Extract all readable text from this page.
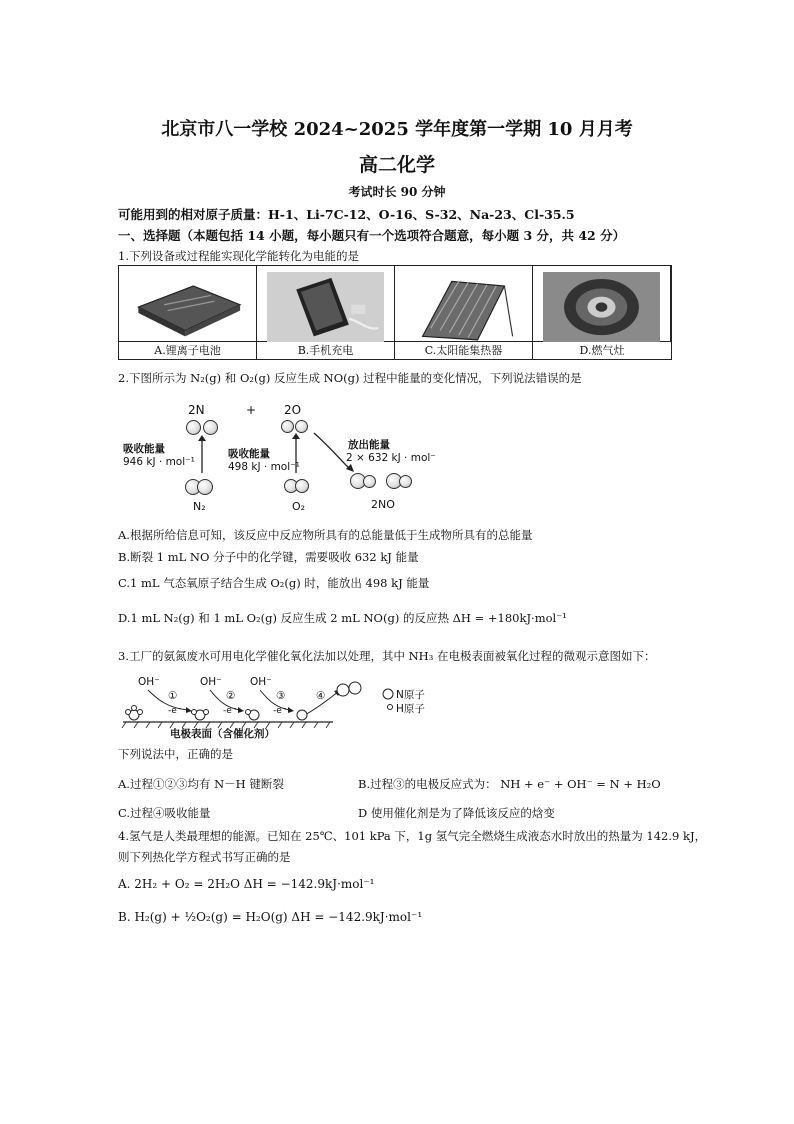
北京市八一学校 2024~2025 学年度第一学期 10 月月考
高二化学
考试时长 90 分钟
可能用到的相对原子质量：H-1、Li-7C-12、O-16、S-32、Na-23、Cl-35.5
一、选择题（本题包括 14 小题，每小题只有一个选项符合题意，每小题 3 分，共 42 分）
1.下列设备或过程能实现化学能转化为电能的是
A.锂离子电池	B.手机充电	C.太阳能集热器	D.燃气灶
2.下图所示为 N₂(g) 和 O₂(g) 反应生成 NO(g) 过程中能量的变化情况，下列说法错误的是
2N	+ 2O
吸收能量
946 kJ · mol⁻¹
吸收能量
498 kJ · mol⁻¹
放出能量
2 × 632 kJ · mol⁻
N₂	O₂	2NO
A.根据所给信息可知，该反应中反应物所具有的总能量低于生成物所具有的总能量
B.断裂 1 mL NO 分子中的化学键，需要吸收 632 kJ 能量
C.1 mL 气态氧原子结合生成 O₂(g) 时，能放出 498 kJ 能量
D.1 mL N₂(g) 和 1 mL O₂(g) 反应生成 2 mL NO(g) 的反应热 ΔH = +180kJ·mol⁻¹
3.工厂的氨氮废水可用电化学催化氧化法加以处理，其中 NH₃ 在电极表面被氧化过程的微观示意图如下：
OH⁻	OH⁻	OH⁻
①	②	③	④
-e⁻	-e⁻	-e⁻
N原子
H原子
电极表面（含催化剂）
下列说法中，正确的是
A.过程①②③均有 N－H 键断裂	B.过程③的电极反应式为： NH + e⁻ + OH⁻ = N + H₂O
C.过程④吸收能量	D 使用催化剂是为了降低该反应的焓变
4.氢气是人类最理想的能源。已知在 25℃、101 kPa 下，1g 氢气完全燃烧生成液态水时放出的热量为 142.9 kJ，
则下列热化学方程式书写正确的是
A. 2H₂ + O₂ = 2H₂O ΔH = −142.9kJ·mol⁻¹
B. H₂(g) + ½O₂(g) = H₂O(g) ΔH = −142.9kJ·mol⁻¹
